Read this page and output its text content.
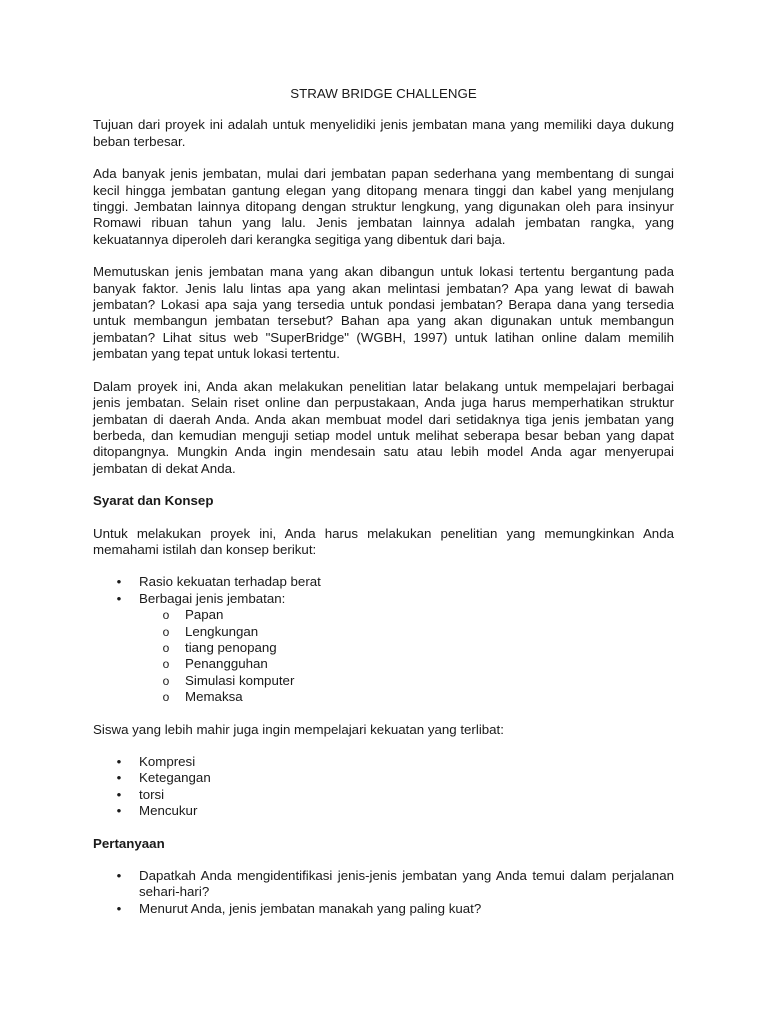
STRAW BRIDGE CHALLENGE

Tujuan dari proyek ini adalah untuk menyelidiki jenis jembatan mana yang memiliki daya dukung beban terbesar.

Ada banyak jenis jembatan, mulai dari jembatan papan sederhana yang membentang di sungai kecil hingga jembatan gantung elegan yang ditopang menara tinggi dan kabel yang menjulang tinggi. Jembatan lainnya ditopang dengan struktur lengkung, yang digunakan oleh para insinyur Romawi ribuan tahun yang lalu. Jenis jembatan lainnya adalah jembatan rangka, yang kekuatannya diperoleh dari kerangka segitiga yang dibentuk dari baja.

Memutuskan jenis jembatan mana yang akan dibangun untuk lokasi tertentu bergantung pada banyak faktor. Jenis lalu lintas apa yang akan melintasi jembatan? Apa yang lewat di bawah jembatan? Lokasi apa saja yang tersedia untuk pondasi jembatan? Berapa dana yang tersedia untuk membangun jembatan tersebut? Bahan apa yang akan digunakan untuk membangun jembatan? Lihat situs web "SuperBridge" (WGBH, 1997) untuk latihan online dalam memilih jembatan yang tepat untuk lokasi tertentu.

Dalam proyek ini, Anda akan melakukan penelitian latar belakang untuk mempelajari berbagai jenis jembatan. Selain riset online dan perpustakaan, Anda juga harus memperhatikan struktur jembatan di daerah Anda. Anda akan membuat model dari setidaknya tiga jenis jembatan yang berbeda, dan kemudian menguji setiap model untuk melihat seberapa besar beban yang dapat ditopangnya. Mungkin Anda ingin mendesain satu atau lebih model Anda agar menyerupai jembatan di dekat Anda.

Syarat dan Konsep

Untuk melakukan proyek ini, Anda harus melakukan penelitian yang memungkinkan Anda memahami istilah dan konsep berikut:

• Rasio kekuatan terhadap berat
• Berbagai jenis jembatan:
o Papan
o Lengkungan
o tiang penopang
o Penangguhan
o Simulasi komputer
o Memaksa

Siswa yang lebih mahir juga ingin mempelajari kekuatan yang terlibat:

• Kompresi
• Ketegangan
• torsi
• Mencukur
Pertanyaan
• Dapatkah Anda mengidentifikasi jenis-jenis jembatan yang Anda temui dalam perjalanan sehari-hari?
• Menurut Anda, jenis jembatan manakah yang paling kuat?
